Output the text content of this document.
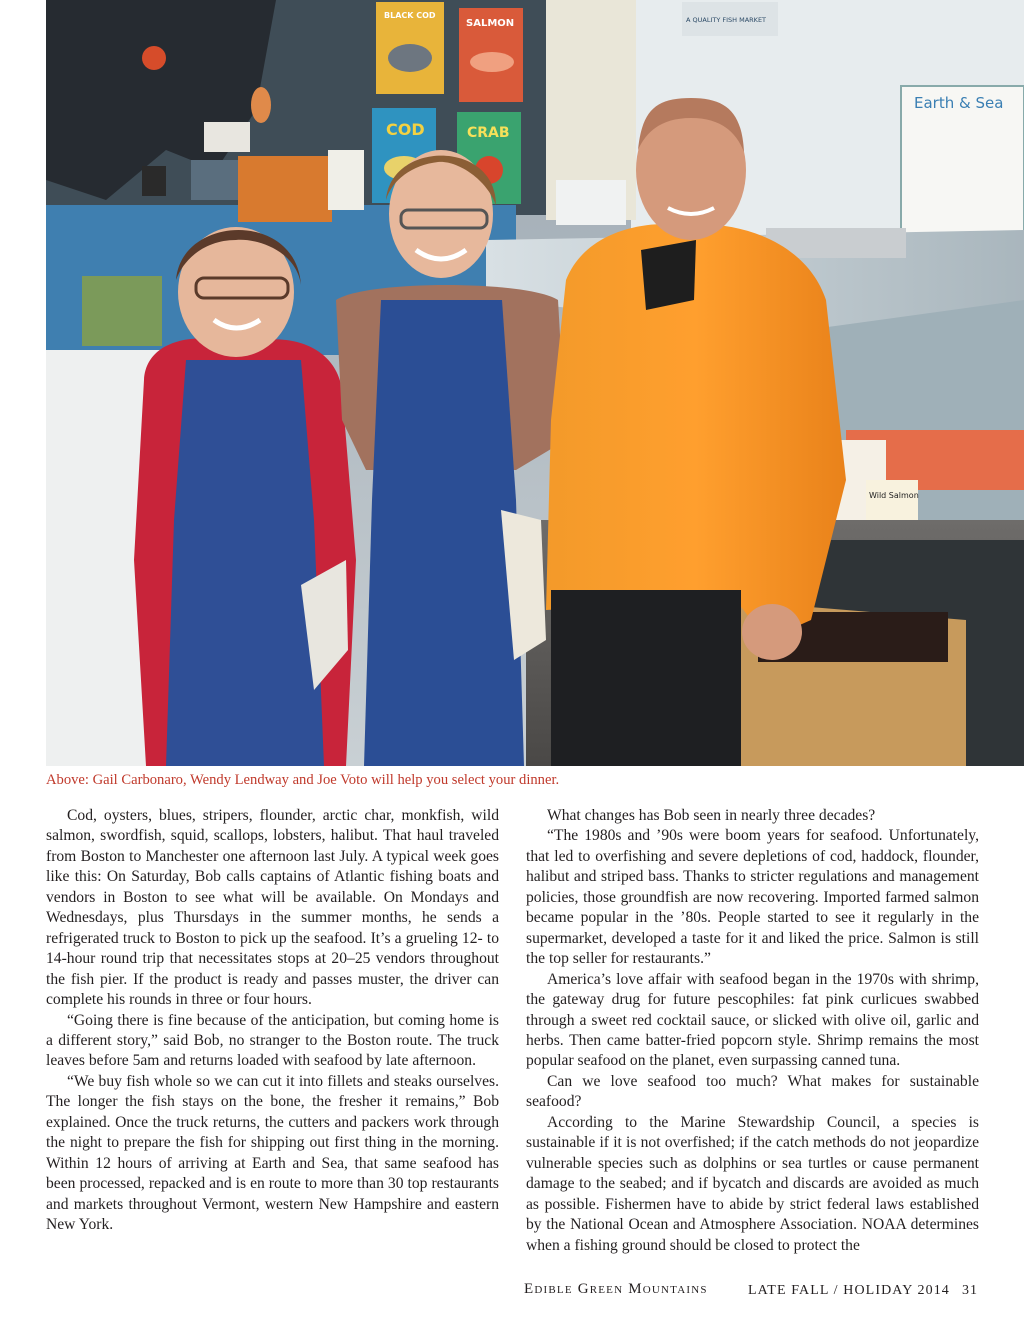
Earth & Sea
A QUALITY FISH MARKET
BLACK COD
SALMON
COD	CRAB
Wild Salmon
Above: Gail Carbonaro, Wendy Lendway and Joe Voto will help you select your dinner.

Cod, oysters, blues, stripers, flounder, arctic char, monkfish, wild salmon, swordfish, squid, scallops, lobsters, halibut. That haul traveled from Boston to Manchester one afternoon last July. A typical week goes like this: On Saturday, Bob calls captains of Atlantic fishing boats and vendors in Boston to see what will be available. On Mondays and Wednesdays, plus Thursdays in the summer months, he sends a refrigerated truck to Boston to pick up the seafood. It’s a grueling 12- to 14-hour round trip that necessitates stops at 20–25 vendors throughout the fish pier. If the product is ready and passes muster, the driver can complete his rounds in three or four hours.

“Going there is fine because of the anticipation, but coming home is a different story,” said Bob, no stranger to the Boston route. The truck leaves before 5am and returns loaded with seafood by late afternoon.

“We buy fish whole so we can cut it into fillets and steaks ourselves. The longer the fish stays on the bone, the fresher it remains,” Bob explained. Once the truck returns, the cutters and packers work through the night to prepare the fish for shipping out first thing in the morning. Within 12 hours of arriving at Earth and Sea, that same seafood has been processed, repacked and is en route to more than 30 top restaurants and markets throughout Vermont, western New Hampshire and eastern New York.

What changes has Bob seen in nearly three decades?

“The 1980s and ’90s were boom years for seafood. Unfortunately, that led to overfishing and severe depletions of cod, haddock, flounder, halibut and striped bass. Thanks to stricter regulations and management policies, those groundfish are now recovering. Imported farmed salmon became popular in the ’80s. People started to see it regularly in the supermarket, developed a taste for it and liked the price. Salmon is still the top seller for restaurants.”

America’s love affair with seafood began in the 1970s with shrimp, the gateway drug for future pescophiles: fat pink curlicues swabbed through a sweet red cocktail sauce, or slicked with olive oil, garlic and herbs. Then came batter-fried popcorn style. Shrimp remains the most popular seafood on the planet, even surpassing canned tuna.

Can we love seafood too much? What makes for sustainable seafood?

According to the Marine Stewardship Council, a species is sustainable if it is not overfished; if the catch methods do not jeopardize vulnerable species such as dolphins or sea turtles or cause permanent damage to the seabed; and if bycatch and discards are avoided as much as possible. Fishermen have to abide by strict federal laws established by the National Ocean and Atmosphere Association. NOAA determines when a fishing ground should be closed to protect the

Edible Green Mountains	LATE FALL / HOLIDAY 2014 31
